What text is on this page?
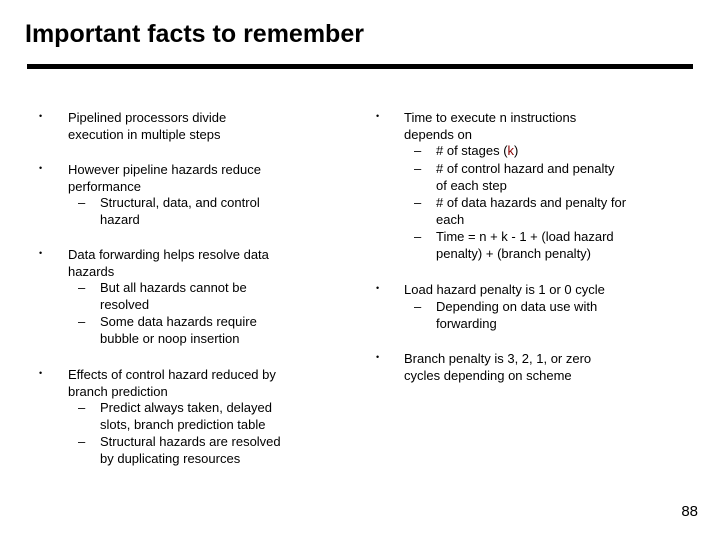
Important facts to remember
• Pipelined processors divide
execution in multiple steps
• However pipeline hazards reduce
performance
– Structural, data, and control
hazard
• Data forwarding helps resolve data
hazards
– But all hazards cannot be
resolved
– Some data hazards require
bubble or noop insertion
• Effects of control hazard reduced by
branch prediction
– Predict always taken, delayed
slots, branch prediction table
– Structural hazards are resolved
by duplicating resources
• Time to execute n instructions
depends on
– # of stages (k)
– # of control hazard and penalty
of each step
– # of data hazards and penalty for
each
– Time = n + k - 1 + (load hazard
penalty) + (branch penalty)
• Load hazard penalty is 1 or 0 cycle
– Depending on data use with
forwarding
• Branch penalty is 3, 2, 1, or zero
cycles depending on scheme
88
